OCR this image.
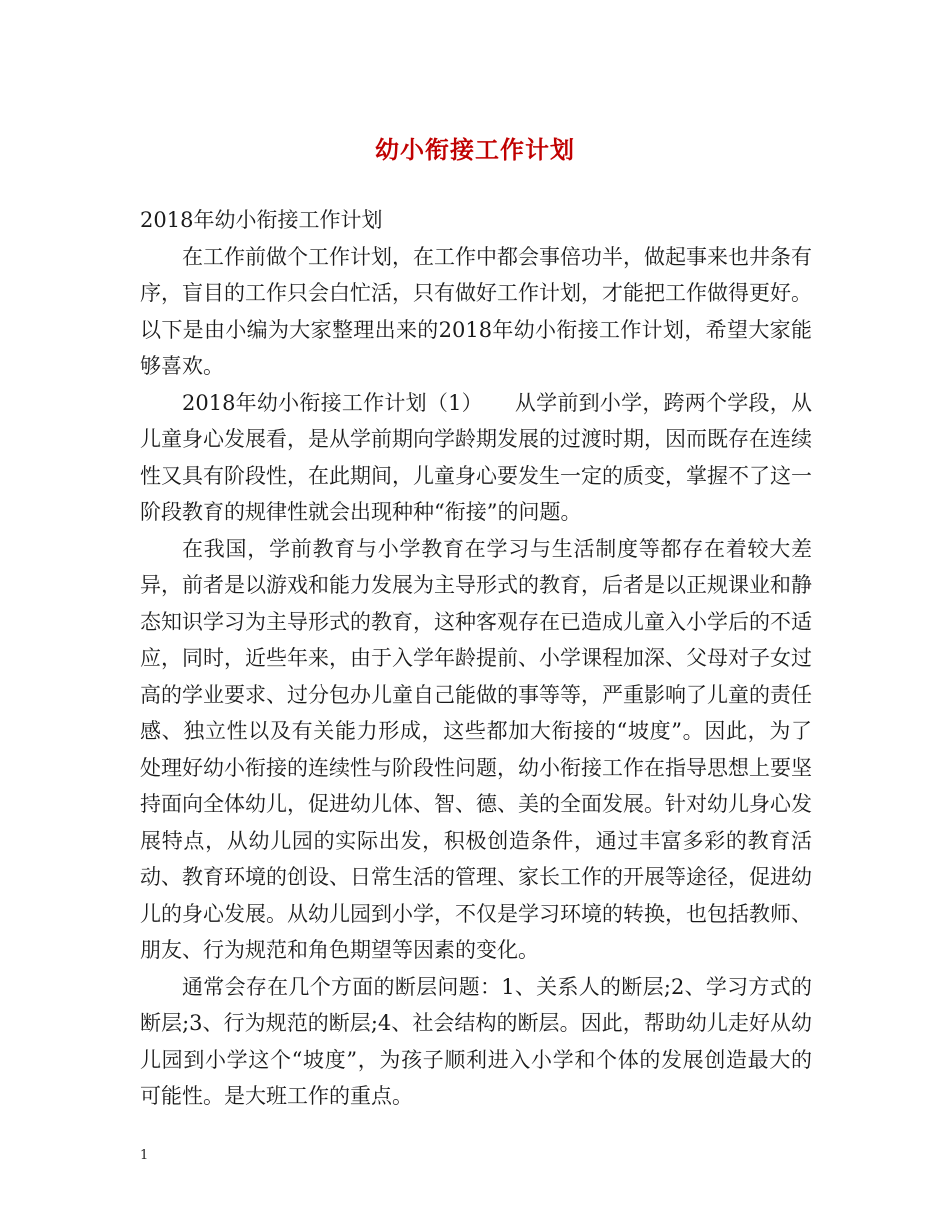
幼小衔接工作计划

2018年幼小衔接工作计划

在工作前做个工作计划，在工作中都会事倍功半，做起事来也井条有序，盲目的工作只会白忙活，只有做好工作计划，才能把工作做得更好。以下是由小编为大家整理出来的2018年幼小衔接工作计划，希望大家能够喜欢。

2018年幼小衔接工作计划（1）　　从学前到小学，跨两个学段，从儿童身心发展看，是从学前期向学龄期发展的过渡时期，因而既存在连续性又具有阶段性，在此期间，儿童身心要发生一定的质变，掌握不了这一阶段教育的规律性就会出现种种“衔接”的问题。

在我国，学前教育与小学教育在学习与生活制度等都存在着较大差异，前者是以游戏和能力发展为主导形式的教育，后者是以正规课业和静态知识学习为主导形式的教育，这种客观存在已造成儿童入小学后的不适应，同时，近些年来，由于入学年龄提前、小学课程加深、父母对子女过高的学业要求、过分包办儿童自己能做的事等等，严重影响了儿童的责任感、独立性以及有关能力形成，这些都加大衔接的“坡度”。因此，为了处理好幼小衔接的连续性与阶段性问题，幼小衔接工作在指导思想上要坚持面向全体幼儿，促进幼儿体、智、德、美的全面发展。针对幼儿身心发展特点，从幼儿园的实际出发，积极创造条件，通过丰富多彩的教育活动、教育环境的创设、日常生活的管理、家长工作的开展等途径，促进幼儿的身心发展。从幼儿园到小学，不仅是学习环境的转换，也包括教师、朋友、行为规范和角色期望等因素的变化。

通常会存在几个方面的断层问题：1、关系人的断层;2、学习方式的断层;3、行为规范的断层;4、社会结构的断层。因此，帮助幼儿走好从幼儿园到小学这个“坡度”，为孩子顺利进入小学和个体的发展创造最大的可能性。是大班工作的重点。

1
